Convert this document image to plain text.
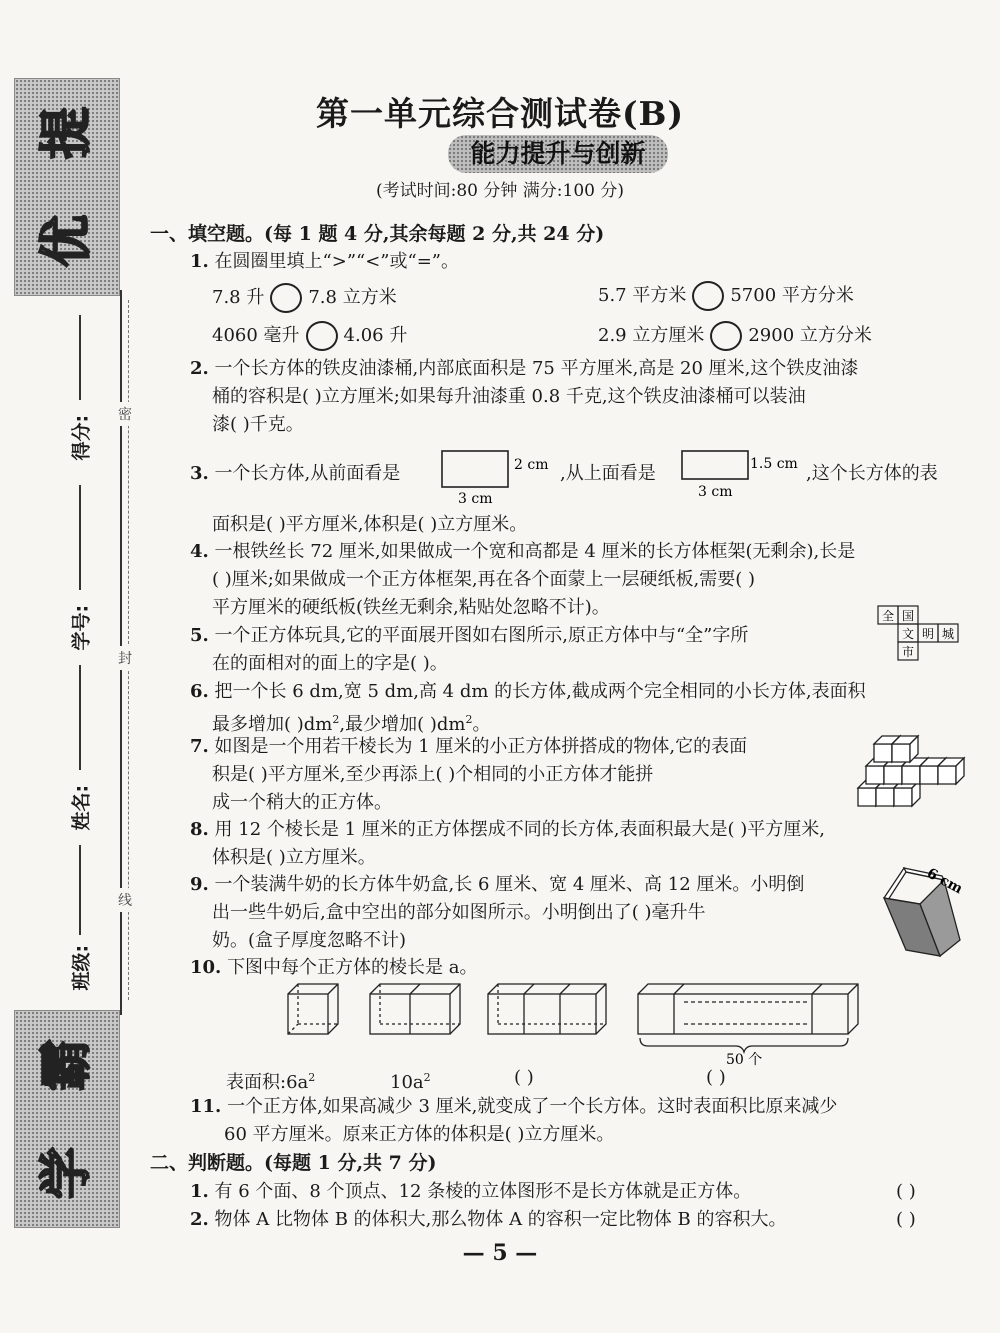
提
优
霸
学
密
封
线
得分:
学号:
姓名:
班级:
第一单元综合测试卷(B)
能力提升与创新
(考试时间:80 分钟 满分:100 分)
一、填空题。(每 1 题 4 分,其余每题 2 分,共 24 分)
1. 在圆圈里填上“>”“<”或“=”。
7.8 升 7.8 立方米	5.7 平方米 5700 平方分米
4060 毫升 4.06 升	2.9 立方厘米 2900 立方分米
2. 一个长方体的铁皮油漆桶,内部底面积是 75 平方厘米,高是 20 厘米,这个铁皮油漆
桶的容积是( )立方厘米;如果每升油漆重 0.8 千克,这个铁皮油漆桶可以装油
漆( )千克。
3. 一个长方体,从前面看是	2 cm
3 cm
,从上面看是	1.5 cm
3 cm
,这个长方体的表
面积是( )平方厘米,体积是( )立方厘米。
4. 一根铁丝长 72 厘米,如果做成一个宽和高都是 4 厘米的长方体框架(无剩余),长是
( )厘米;如果做成一个正方体框架,再在各个面蒙上一层硬纸板,需要( )
平方厘米的硬纸板(铁丝无剩余,粘贴处忽略不计)。
5. 一个正方体玩具,它的平面展开图如右图所示,原正方体中与“全”字所
在的面相对的面上的字是( )。
全 国
文 明 城
市
6. 把一个长 6 dm,宽 5 dm,高 4 dm 的长方体,截成两个完全相同的小长方体,表面积
最多增加( )$dm^2$,最少增加( )$dm^2$。
7. 如图是一个用若干棱长为 1 厘米的小正方体拼搭成的物体,它的表面
积是( )平方厘米,至少再添上( )个相同的小正方体才能拼
成一个稍大的正方体。
8. 用 12 个棱长是 1 厘米的正方体摆成不同的长方体,表面积最大是( )平方厘米,
体积是( )立方厘米。
9. 一个装满牛奶的长方体牛奶盒,长 6 厘米、宽 4 厘米、高 12 厘米。小明倒
出一些牛奶后,盒中空出的部分如图所示。小明倒出了( )毫升牛
奶。(盒子厚度忽略不计)
6 cm
10. 下图中每个正方体的棱长是 a。
50 个
表面积$:6a^2$	$10a^2$	( )	( )
11. 一个正方体,如果高减少 3 厘米,就变成了一个长方体。这时表面积比原来减少
60 平方厘米。原来正方体的体积是( )立方厘米。
二、判断题。(每题 1 分,共 7 分)
1. 有 6 个面、8 个顶点、12 条棱的立体图形不是长方体就是正方体。	( )
2. 物体 A 比物体 B 的体积大,那么物体 A 的容积一定比物体 B 的容积大。	( )
— 5 —
